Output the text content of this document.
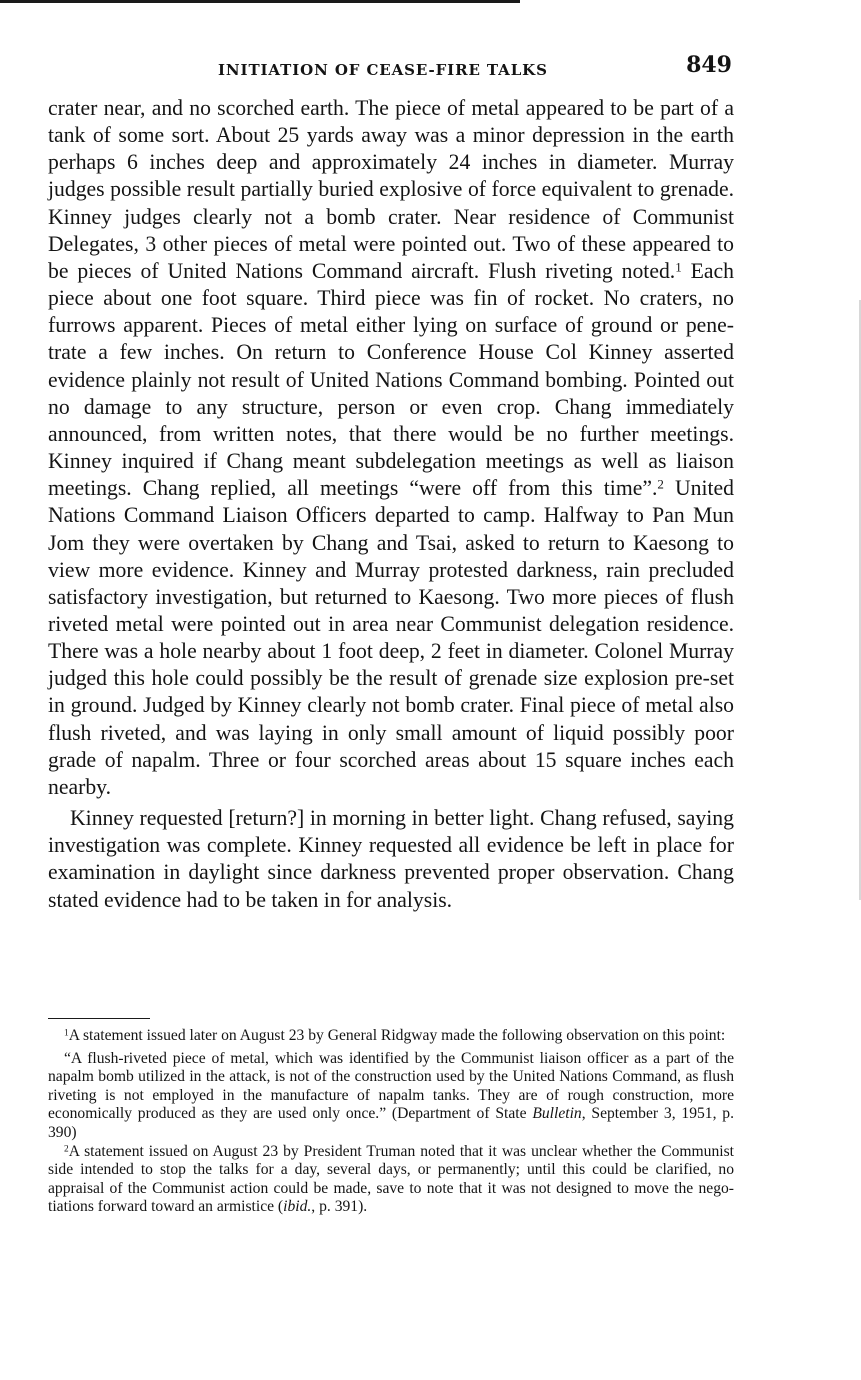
INITIATION OF CEASE-FIRE TALKS	849

crater near, and no scorched earth. The piece of metal appeared to be part of a tank of some sort. About 25 yards away was a minor depression in the earth perhaps 6 inches deep and approximately 24 inches in diameter. Murray judges possible result partially buried explosive of force equivalent to grenade. Kinney judges clearly not a bomb crater. Near residence of Communist Delegates, 3 other pieces of metal were pointed out. Two of these appeared to be pieces of United Nations Command aircraft. Flush riveting noted.$^1$ Each piece about one foot square. Third piece was fin of rocket. No craters, no furrows apparent. Pieces of metal either lying on surface of ground or penetrate a few inches. On return to Conference House Col Kinney asserted evidence plainly not result of United Nations Command bombing. Pointed out no damage to any structure, person or even crop. Chang immediately announced, from written notes, that there would be no further meetings. Kinney inquired if Chang meant subdelegation meetings as well as liaison meetings. Chang replied, all meetings “were off from this time”.$^2$ United Nations Command Liaison Officers departed to camp. Halfway to Pan Mun Jom they were overtaken by Chang and Tsai, asked to return to Kaesong to view more evidence. Kinney and Murray protested darkness, rain precluded satisfactory investigation, but returned to Kaesong. Two more pieces of flush riveted metal were pointed out in area near Communist delegation residence. There was a hole nearby about 1 foot deep, 2 feet in diameter. Colonel Murray judged this hole could possibly be the result of grenade size explosion pre-set in ground. Judged by Kinney clearly not bomb crater. Final piece of metal also flush riveted, and was laying in only small amount of liquid possibly poor grade of napalm. Three or four scorched areas about 15 square inches each nearby.

Kinney requested [return?] in morning in better light. Chang refused, saying investigation was complete. Kinney requested all evidence be left in place for examination in daylight since darkness prevented proper observation. Chang stated evidence had to be taken in for analysis.

$^1$A statement issued later on August 23 by General Ridgway made the following observation on this point:

“A flush-riveted piece of metal, which was identified by the Communist liaison officer as a part of the napalm bomb utilized in the attack, is not of the construction used by the United Nations Command, as flush riveting is not employed in the manufacture of napalm tanks. They are of rough construction, more economically produced as they are used only once.” (Department of State Bulletin, September 3, 1951, p. 390)

$^2$A statement issued on August 23 by President Truman noted that it was unclear whether the Communist side intended to stop the talks for a day, several days, or permanently; until this could be clarified, no appraisal of the Communist action could be made, save to note that it was not designed to move the negotiations forward toward an armistice (ibid., p. 391).
